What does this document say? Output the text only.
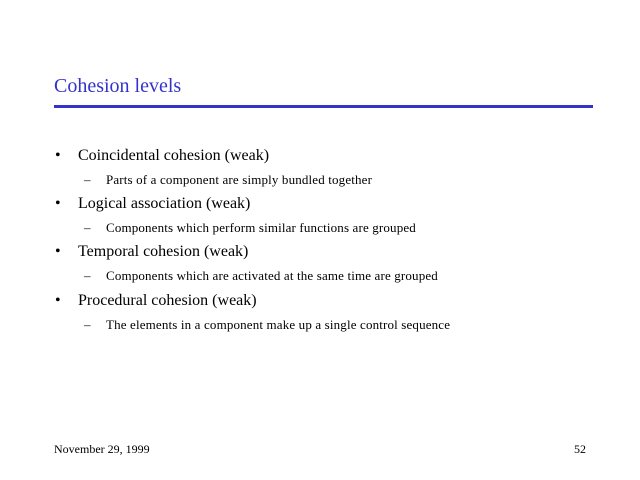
Cohesion levels
• Coincidental cohesion (weak)
– Parts of a component are simply bundled together
• Logical association (weak)
– Components which perform similar functions are grouped
• Temporal cohesion (weak)
– Components which are activated at the same time are grouped
• Procedural cohesion (weak)
– The elements in a component make up a single control sequence
November 29, 1999	52
